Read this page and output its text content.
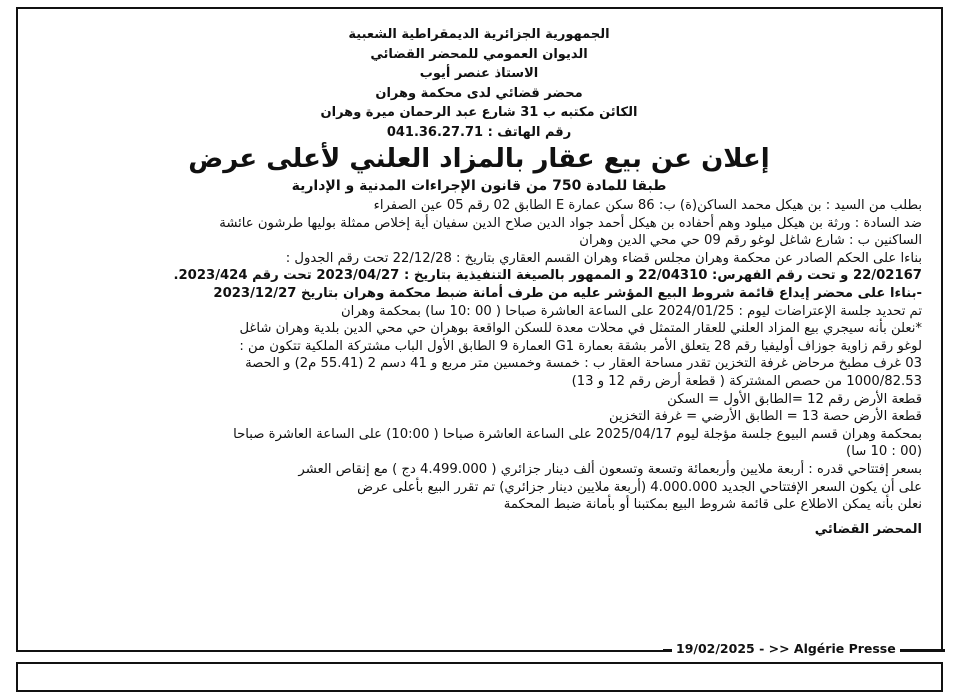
الجمهورية الجزائرية الديمقراطية الشعبية

الديوان العمومي للمحضر القضائي

الاستاذ عنصر أيوب

محضر قضائي لدى محكمة وهران

الكائن مكتبه ب 31 شارع عبد الرحمان ميرة وهران

رقم الهاتف : 041.36.27.71

إعلان عن بيع عقار بالمزاد العلني لأعلى عرض

طبقا للمادة 750 من قانون الإجراءات المدنية و الإدارية

بطلب من السيد : بن هيكل محمد الساكن(ة) ب: 86 سكن عمارة E الطابق 02 رقم 05 عين الصفراء

ضد السادة : ورثة بن هيكل ميلود وهم أحفاده بن هيكل أحمد جواد الدين صلاح الدين سفيان أية إخلاص ممثلة بوليها طرشون عائشة

الساكنين ب : شارع شاغل لوغو رقم 09 حي محي الدين وهران

بناءا على الحكم الصادر عن محكمة وهران مجلس قضاء وهران القسم العقاري بتاريخ : 22/12/28 تحت رقم الجدول :

22/02167 و تحت رقم الفهرس: 22/04310 و الممهور بالصيغة التنفيذية بتاريخ : 2023/04/27 تحت رقم 2023/424.

-بناءا على محضر إيداع قائمة شروط البيع المؤشر عليه من طرف أمانة ضبط محكمة وهران بتاريخ 2023/12/27

تم تحديد جلسة الإعتراضات ليوم : 2024/01/25 على الساعة العاشرة صباحا ( 00 :10 سا) بمحكمة وهران

*نعلن بأنه سيجري بيع المزاد العلني للعقار المتمثل في محلات معدة للسكن الواقعة بوهران حي محي الدين بلدية وهران شاغل

لوغو رقم زاوية جوزاف أوليفيا رقم 28 يتعلق الأمر بشقة بعمارة G1 العمارة 9 الطابق الأول الباب مشتركة الملكية تتكون من :

03 غرف مطبخ مرحاض غرفة التخزين تقدر مساحة العقار ب : خمسة وخمسين متر مربع و 41 دسم 2 (55.41 م2) و الحصة

1000/82.53 من حصص المشتركة ( قطعة أرض رقم 12 و 13)

قطعة الأرض رقم 12 =الطابق الأول = السكن

قطعة الأرض حصة 13 = الطابق الأرضي = غرفة التخزين

بمحكمة وهران قسم البيوع جلسة مؤجلة ليوم 2025/04/17 على الساعة العاشرة صباحا ( 10:00) على الساعة العاشرة صباحا

(00 : 10 سا)

بسعر إفتتاحي قدره : أربعة ملايين وأربعمائة وتسعة وتسعون ألف دينار جزائري ( 4.499.000 دج ) مع إنقاص العشر

على أن يكون السعر الإفتتاحي الجديد 4.000.000 (أربعة ملايين دينار جزائري) تم تقرر البيع بأعلى عرض

نعلن بأنه يمكن الاطلاع على قائمة شروط البيع بمكتبنا أو بأمانة ضبط المحكمة

المحضر القضائي

19/02/2025 - >> Algérie Presse
